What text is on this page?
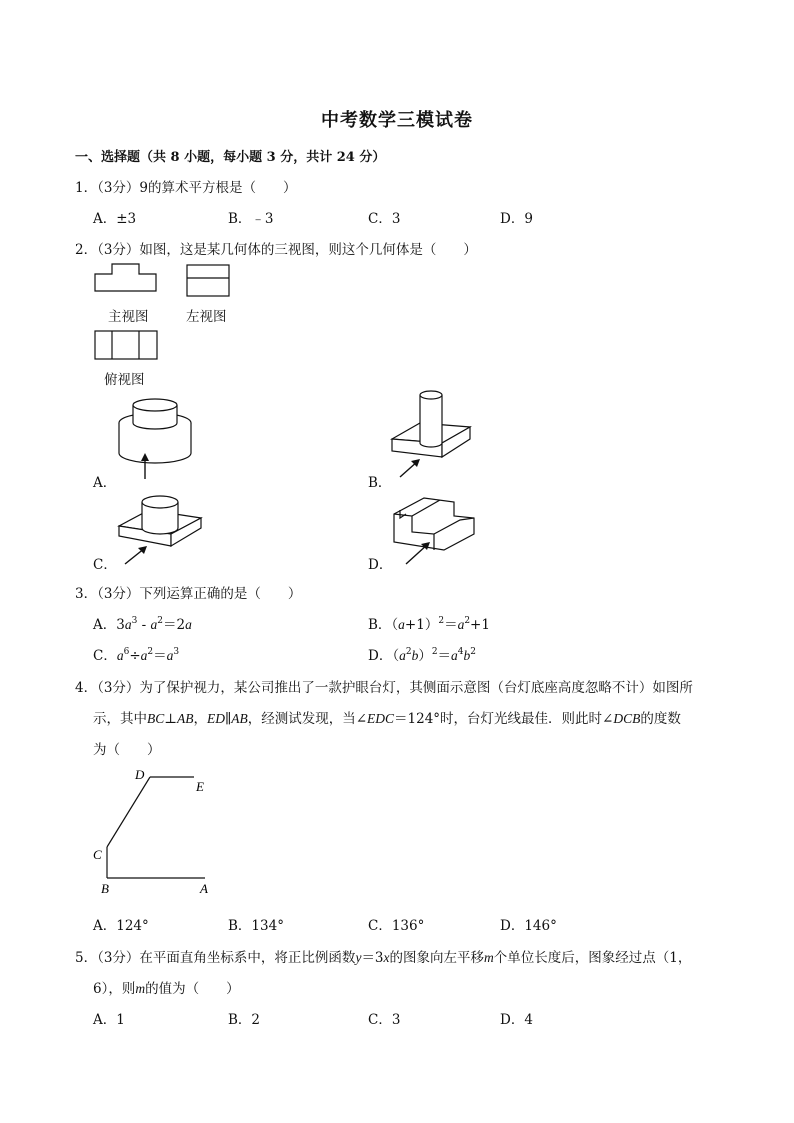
中考数学三模试卷
一、选择题（共 8 小题，每小题 3 分，共计 24 分）
1．（3分）9的算术平方根是（　　）
A．±3	B．﹣3	C．3	D．9
2．（3分）如图，这是某几何体的三视图，则这个几何体是（　　）
主视图	左视图
俯视图
A．	B．
C．	D．
3．（3分）下列运算正确的是（　　）
A．$3a^3 - a^2=2a$	B．$(a+1)^2=a^2+1$
C．$a^6\div a^2=a^3$	D．$(a^2b)^2=a^4b^2$
4．（3分）为了保护视力，某公司推出了一款护眼台灯，其侧面示意图（台灯底座高度忽略不计）如图所
示，其中BC⊥AB，ED∥AB，经测试发现，当∠EDC＝124°时，台灯光线最佳．则此时∠DCB的度数
为（　　）
D
E
C
B	A
A．124°	B．134°	C．136°	D．146°
5．（3分）在平面直角坐标系中，将正比例函数y＝3x的图象向左平移m个单位长度后，图象经过点（1，
6），则m的值为（　　）
A．1	B．2	C．3	D．4
